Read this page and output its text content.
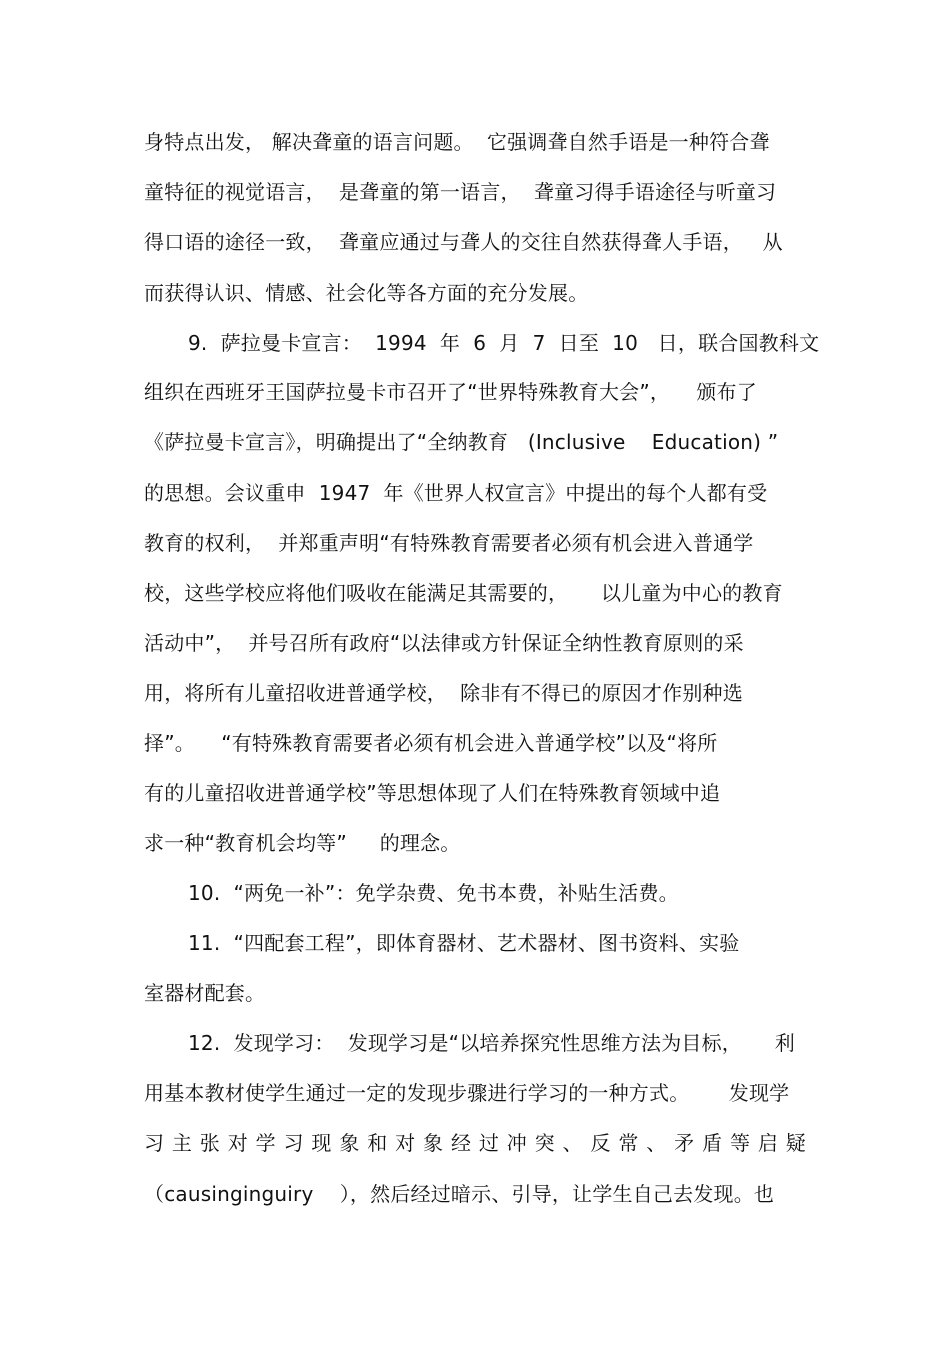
身特点出发， 解决聋童的语言问题。  它强调聋自然手语是一种符合聋
童特征的视觉语言，  是聋童的第一语言，  聋童习得手语途径与听童习
得口语的途径一致，  聋童应通过与聋人的交往自然获得聋人手语，   从
而获得认识、情感、社会化等各方面的充分发展。
9.  萨拉曼卡宣言：  1994  年  6  月  7  日至  10   日，联合国教科文
组织在西班牙王国萨拉曼卡市召开了“世界特殊教育大会”，    颁布了
《萨拉曼卡宣言》，明确提出了“全纳教育   (Inclusive    Education) ”
的思想。会议重申  1947  年《世界人权宣言》中提出的每个人都有受
教育的权利，  并郑重声明“有特殊教育需要者必须有机会进入普通学
校，这些学校应将他们吸收在能满足其需要的，     以儿童为中心的教育
活动中”，  并号召所有政府“以法律或方针保证全纳性教育原则的采
用，将所有儿童招收进普通学校，  除非有不得已的原因才作别种选
择”。    “有特殊教育需要者必须有机会进入普通学校”以及“将所
有的儿童招收进普通学校”等思想体现了人们在特殊教育领域中追
求一种“教育机会均等”     的理念。
10.  “两免一补”：免学杂费、免书本费，补贴生活费。
11.  “四配套工程”，即体育器材、艺术器材、图书资料、实验
室器材配套。
12.  发现学习：  发现学习是“以培养探究性思维方法为目标，     利
用基本教材使学生通过一定的发现步骤进行学习的一种方式。      发现学
习主张对学习现象和对象经过冲突、反常、矛盾等启疑
（causinginguiry    ），然后经过暗示、引导，让学生自己去发现。也
